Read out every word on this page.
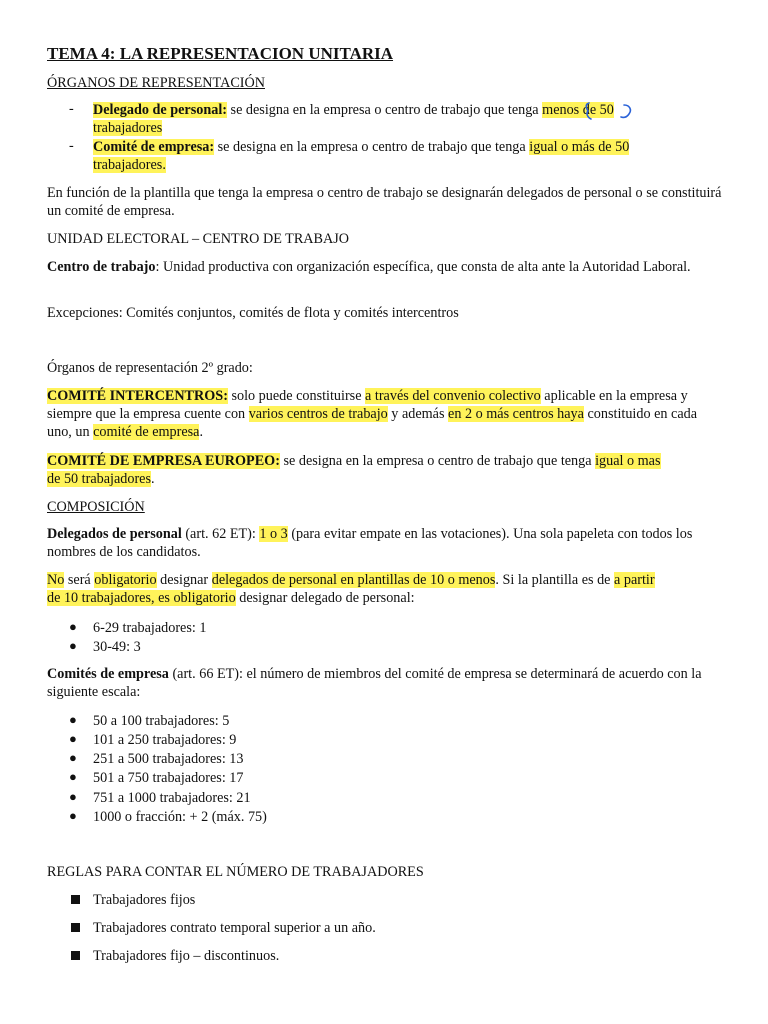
TEMA 4: LA REPRESENTACION UNITARIA
ÓRGANOS DE REPRESENTACIÓN
- Delegado de personal: se designa en la empresa o centro de trabajo que tenga menos de 50
trabajadores
- Comité de empresa: se designa en la empresa o centro de trabajo que tenga igual o más de 50
trabajadores.
En función de la plantilla que tenga la empresa o centro de trabajo se designarán delegados de personal o se constituirá un comité de empresa.
UNIDAD ELECTORAL – CENTRO DE TRABAJO
Centro de trabajo: Unidad productiva con organización específica, que consta de alta ante la Autoridad Laboral.
Excepciones: Comités conjuntos, comités de flota y comités intercentros
Órganos de representación 2º grado:
COMITÉ INTERCENTROS: solo puede constituirse a través del convenio colectivo aplicable en la empresa y siempre que la empresa cuente con varios centros de trabajo y además en 2 o más centros haya constituido en cada uno, un comité de empresa.
COMITÉ DE EMPRESA EUROPEO: se designa en la empresa o centro de trabajo que tenga igual o mas
de 50 trabajadores.
COMPOSICIÓN
Delegados de personal (art. 62 ET): 1 o 3 (para evitar empate en las votaciones). Una sola papeleta con todos los nombres de los candidatos.
No será obligatorio designar delegados de personal en plantillas de 10 o menos. Si la plantilla es de a partir
de 10 trabajadores, es obligatorio designar delegado de personal:
● 6-29 trabajadores: 1
● 30-49: 3
Comités de empresa (art. 66 ET): el número de miembros del comité de empresa se determinará de acuerdo con la siguiente escala:
● 50 a 100 trabajadores: 5
● 101 a 250 trabajadores: 9
● 251 a 500 trabajadores: 13
● 501 a 750 trabajadores: 17
● 751 a 1000 trabajadores: 21
● 1000 o fracción: + 2 (máx. 75)
REGLAS PARA CONTAR EL NÚMERO DE TRABAJADORES
Trabajadores fijos
Trabajadores contrato temporal superior a un año.
Trabajadores fijo – discontinuos.
